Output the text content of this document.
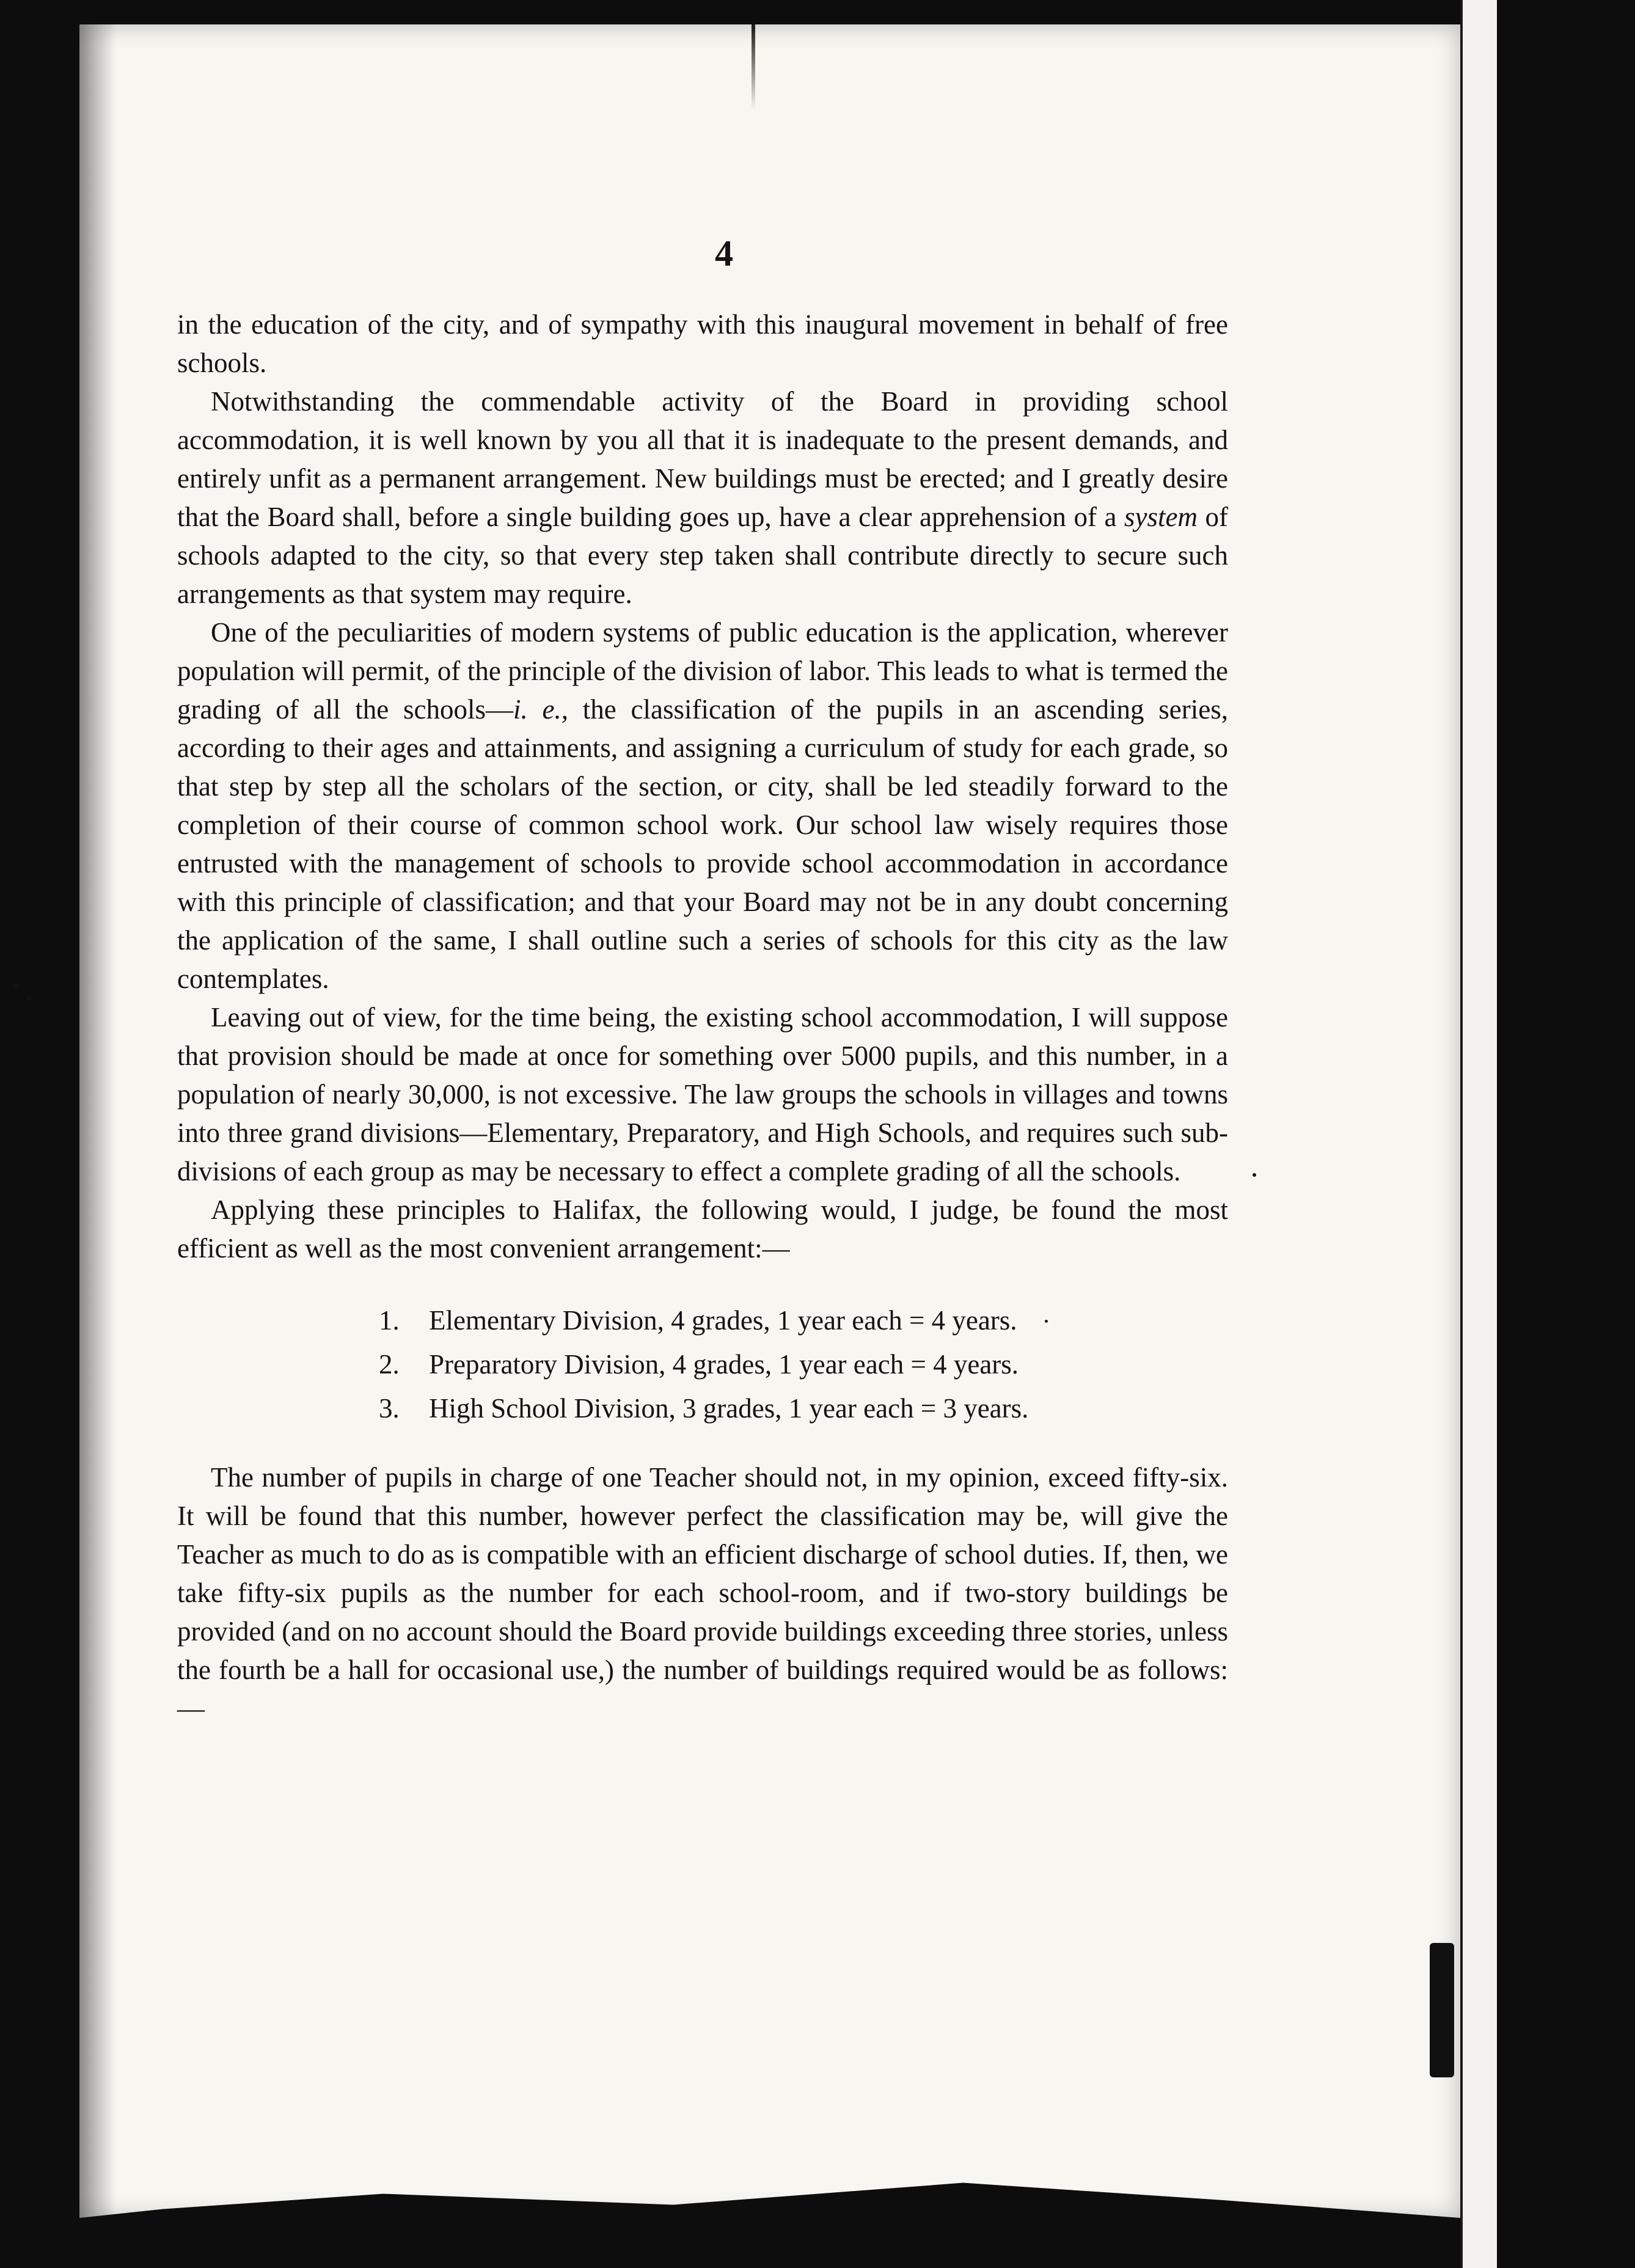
4

in the education of the city, and of sympathy with this inaugural movement in behalf of free schools.

Notwithstanding the commendable activity of the Board in providing school accommodation, it is well known by you all that it is inadequate to the present demands, and entirely unfit as a permanent arrangement. New buildings must be erected; and I greatly desire that the Board shall, before a single building goes up, have a clear apprehension of a system of schools adapted to the city, so that every step taken shall contribute directly to secure such arrangements as that system may require.

One of the peculiarities of modern systems of public education is the application, wherever population will permit, of the principle of the division of labor. This leads to what is termed the grading of all the schools—i. e., the classification of the pupils in an ascending series, according to their ages and attainments, and assigning a curriculum of study for each grade, so that step by step all the scholars of the section, or city, shall be led steadily forward to the completion of their course of common school work. Our school law wisely requires those entrusted with the management of schools to provide school accommodation in accordance with this principle of classification; and that your Board may not be in any doubt concerning the application of the same, I shall outline such a series of schools for this city as the law contemplates.

Leaving out of view, for the time being, the existing school accommodation, I will suppose that provision should be made at once for something over 5000 pupils, and this number, in a population of nearly 30,000, is not excessive. The law groups the schools in villages and towns into three grand divisions—Elementary, Preparatory, and High Schools, and requires such sub-divisions of each group as may be necessary to effect a complete grading of all the schools.

Applying these principles to Halifax, the following would, I judge, be found the most efficient as well as the most convenient arrangement:—

1.	Elementary Division, 4 grades, 1 year each = 4 years.
2.	Preparatory Division, 4 grades, 1 year each = 4 years.
3.	High School Division, 3 grades, 1 year each = 3 years.

The number of pupils in charge of one Teacher should not, in my opinion, exceed fifty-six. It will be found that this number, however perfect the classification may be, will give the Teacher as much to do as is compatible with an efficient discharge of school duties. If, then, we take fifty-six pupils as the number for each school-room, and if two-story buildings be provided (and on no account should the Board provide buildings exceeding three stories, unless the fourth be a hall for occasional use,) the number of buildings required would be as follows:—
